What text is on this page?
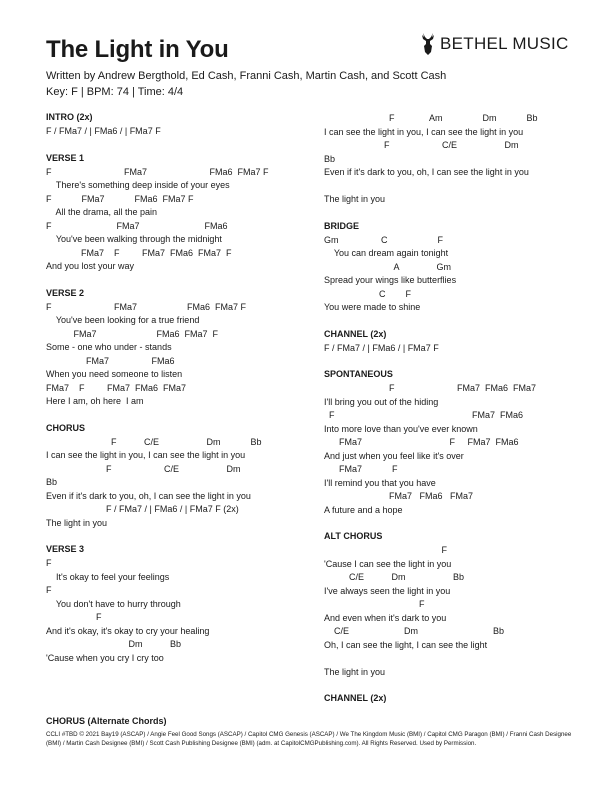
The Light in You	BETHEL MUSIC
Written by Andrew Bergthold, Ed Cash, Franni Cash, Martin Cash, and Scott Cash
Key: F | BPM: 74 | Time: 4/4
INTRO (2x)
F / FMa7 / | FMa6 / | FMa7 F
VERSE 1
F                             FMa7                         FMa6  FMa7 F
There's something deep inside of your eyes
F            FMa7            FMa6  FMa7 F
All the drama, all the pain
F                          FMa7                          FMa6
You've been walking through the midnight
FMa7    F         FMa7  FMa6  FMa7  F
And you lost your way
VERSE 2
F                         FMa7                    FMa6  FMa7 F
You've been looking for a true friend
FMa7                        FMa6  FMa7  F
Some - one who under - stands
FMa7                 FMa6
When you need someone to listen
FMa7    F         FMa7  FMa6  FMa7
Here I am, oh here  I am
CHORUS
F           C/E                   Dm            Bb
I can see the light in you, I can see the light in you
F                     C/E                   Dm
Bb
Even if it's dark to you, oh, I can see the light in you
F / FMa7 / | FMa6 / | FMa7 F (2x)
The light in you
VERSE 3
F
It's okay to feel your feelings
F
You don't have to hurry through
F
And it's okay, it's okay to cry your healing
Dm           Bb
'Cause when you cry I cry too
F              Am                Dm            Bb
I can see the light in you, I can see the light in you
F                     C/E                   Dm
Bb
Even if it's dark to you, oh, I can see the light in you
The light in you
BRIDGE
Gm                 C                    F
You can dream again tonight
A               Gm
Spread your wings like butterflies
C        F
You were made to shine
CHANNEL (2x)
F / FMa7 / | FMa6 / | FMa7 F
SPONTANEOUS
F                         FMa7  FMa6  FMa7
I'll bring you out of the hiding
F                                                       FMa7  FMa6
Into more love than you've ever known
FMa7                                   F     FMa7  FMa6
And just when you feel like it's over
FMa7            F
I'll remind you that you have
FMa7   FMa6   FMa7
A future and a hope
ALT CHORUS
F
'Cause I can see the light in you
C/E           Dm                   Bb
I've always seen the light in you
F
And even when it's dark to you
C/E                      Dm                              Bb
Oh, I can see the light, I can see the light
The light in you
CHANNEL (2x)
CHORUS (Alternate Chords)
CCLI #TBD © 2021 Bay19 (ASCAP) / Angie Feel Good Songs (ASCAP) / Capitol CMG Genesis (ASCAP) / We The Kingdom Music (BMI) / Capitol CMG Paragon (BMI) / Franni Cash Designee (BMI) / Martin Cash Designee (BMI) / Scott Cash Publishing Designee (BMI) (adm. at CapitolCMGPublishing.com). All Rights Reserved. Used by Permission.
